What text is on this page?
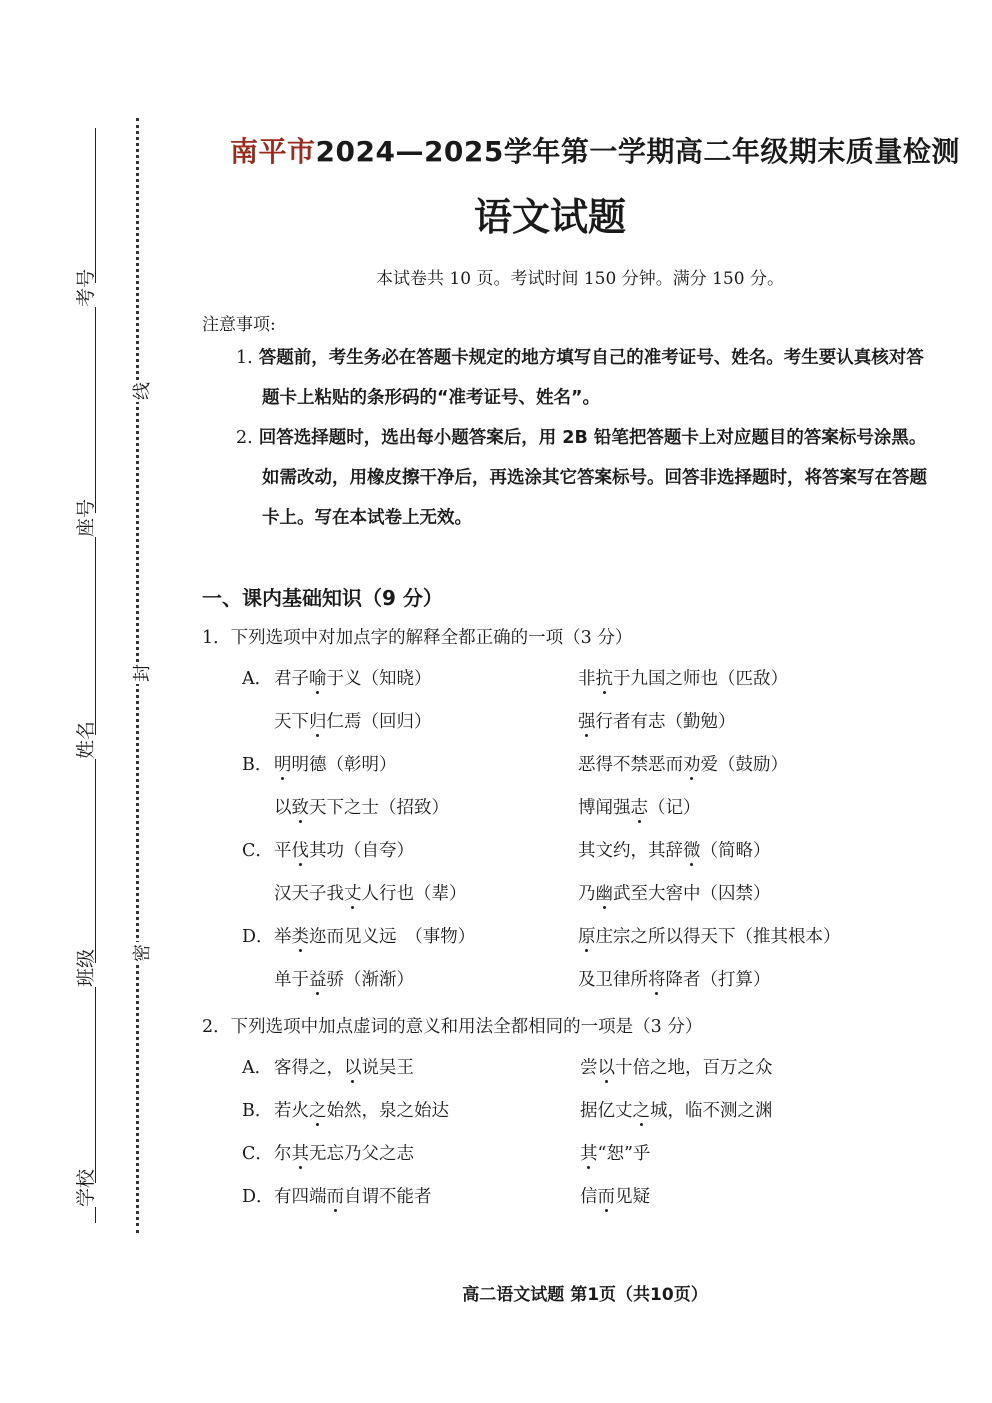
考号
座号
姓名
班级
学校
线
封
密
南平市2024—2025学年第一学期高二年级期末质量检测
语文试题
本试卷共 10 页。考试时间 150 分钟。满分 150 分。
注意事项:
1. 答题前，考生务必在答题卡规定的地方填写自己的准考证号、姓名。考生要认真核对答
题卡上粘贴的条形码的“准考证号、姓名”。
2. 回答选择题时，选出每小题答案后，用 2B 铅笔把答题卡上对应题目的答案标号涂黑。
如需改动，用橡皮擦干净后，再选涂其它答案标号。回答非选择题时，将答案写在答题
卡上。写在本试卷上无效。
一、课内基础知识（9 分）
1．下列选项中对加点字的解释全都正确的一项（3 分）
A． 君子喻于义（知晓）	非抗于九国之师也（匹敌）
天下归仁焉（回归）	强行者有志（勤勉）
B． 明明德（彰明）	恶得不禁恶而劝爱（鼓励）
以致天下之士（招致）	博闻强志（记）
C． 平伐其功（自夸）	其文约，其辞微（简略）
汉天子我丈人行也（辈）	乃幽武至大窖中（囚禁）
D． 举类迩而见义远　（事物）	原庄宗之所以得天下（推其根本）
单于益骄（渐渐）	及卫律所将降者（打算）
2．下列选项中加点虚词的意义和用法全都相同的一项是（3 分）
A． 客得之，以说吴王	尝以十倍之地，百万之众
B． 若火之始然，泉之始达	据亿丈之城，临不测之渊
C． 尔其无忘乃父之志	其“恕”乎
D． 有四端而自谓不能者	信而见疑
高二语文试题 第1页（共10页）
